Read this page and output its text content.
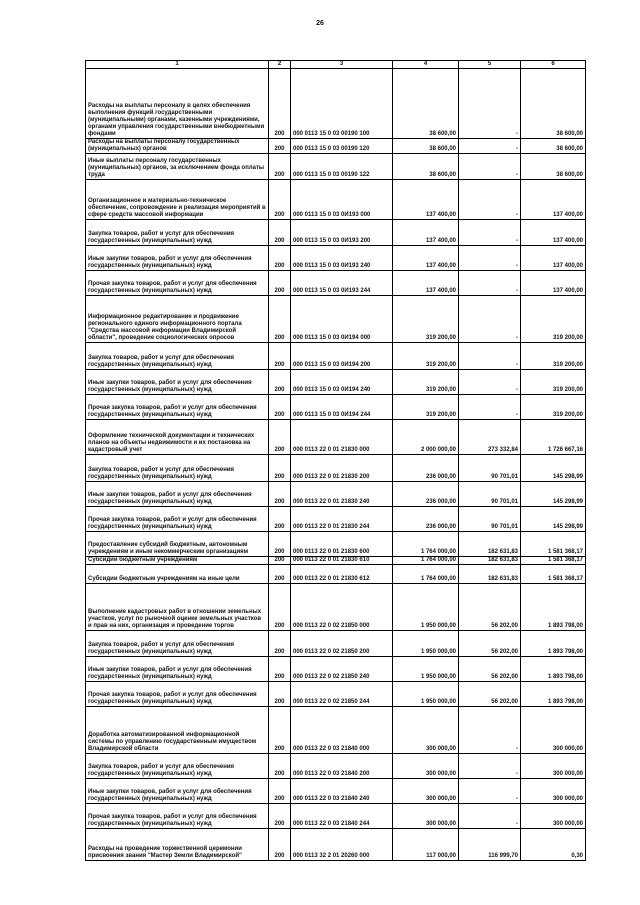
26
1	2	3	4	5	6

Расходы на выплаты персоналу в целях обеспечения выполнения функций государственными (муниципальными) органами, казенными учреждениями, органами управления государственными внебюджетными фондами	200	000 0113 15 0 03 00190 100	38 600,00	-	38 600,00

Расходы на выплаты персоналу государственных (муниципальных) органов	200	000 0113 15 0 03 00190 120	38 600,00	-	38 600,00

Иные выплаты персоналу государственных (муниципальных) органов, за исключением фонда оплаты труда	200	000 0113 15 0 03 00190 122	38 600,00	-	38 600,00

Организационное и материально-техническое обеспечение, сопровождение и реализация мероприятий в сфере средств массовой информации	200	000 0113 15 0 03 0И193 000	137 400,00	-	137 400,00

Закупка товаров, работ и услуг для обеспечения государственных (муниципальных) нужд	200	000 0113 15 0 03 0И193 200	137 400,00	-	137 400,00

Иные закупки товаров, работ и услуг для обеспечения государственных (муниципальных) нужд	200	000 0113 15 0 03 0И193 240	137 400,00	-	137 400,00

Прочая закупка товаров, работ и услуг для обеспечения государственных (муниципальных) нужд	200	000 0113 15 0 03 0И193 244	137 400,00	-	137 400,00

Информационное редактирование и продвижение регионального единого информационного портала "Средства массовой информации Владимирской области", проведение социологических опросов	200	000 0113 15 0 03 0И194 000	319 200,00	-	319 200,00

Закупка товаров, работ и услуг для обеспечения государственных (муниципальных) нужд	200	000 0113 15 0 03 0И194 200	319 200,00	-	319 200,00

Иные закупки товаров, работ и услуг для обеспечения государственных (муниципальных) нужд	200	000 0113 15 0 03 0И194 240	319 200,00	-	319 200,00

Прочая закупка товаров, работ и услуг для обеспечения государственных (муниципальных) нужд	200	000 0113 15 0 03 0И194 244	319 200,00	-	319 200,00

Оформление технической документации и технических планов на объекты недвижимости и их постановка на кадастровый учет	200	000 0113 22 0 01 21830 000	2 000 000,00	273 332,84	1 726 667,16

Закупка товаров, работ и услуг для обеспечения государственных (муниципальных) нужд	200	000 0113 22 0 01 21830 200	236 000,00	90 701,01	145 298,99

Иные закупки товаров, работ и услуг для обеспечения государственных (муниципальных) нужд	200	000 0113 22 0 01 21830 240	236 000,00	90 701,01	145 298,99

Прочая закупка товаров, работ и услуг для обеспечения государственных (муниципальных) нужд	200	000 0113 22 0 01 21830 244	236 000,00	90 701,01	145 298,99

Предоставление субсидий бюджетным, автономным учреждениям и иным некоммерческим организациям	200	000 0113 22 0 01 21830 600	1 764 000,00	182 631,83	1 581 368,17

Субсидии бюджетным учреждениям	200	000 0113 22 0 01 21830 610	1 764 000,00	182 631,83	1 581 368,17

Субсидии бюджетным учреждениям на иные цели	200	000 0113 22 0 01 21830 612	1 764 000,00	182 631,83	1 581 368,17

Выполнение кадастровых работ в отношении земельных участков, услуг по рыночной оценке земельных участков и прав на них, организация и проведение торгов	200	000 0113 22 0 02 21850 000	1 950 000,00	56 202,00	1 893 798,00

Закупка товаров, работ и услуг для обеспечения государственных (муниципальных) нужд	200	000 0113 22 0 02 21850 200	1 950 000,00	56 202,00	1 893 798,00

Иные закупки товаров, работ и услуг для обеспечения государственных (муниципальных) нужд	200	000 0113 22 0 02 21850 240	1 950 000,00	56 202,00	1 893 798,00

Прочая закупка товаров, работ и услуг для обеспечения государственных (муниципальных) нужд	200	000 0113 22 0 02 21850 244	1 950 000,00	56 202,00	1 893 798,00

Доработка автоматизированной информационной системы по управлению государственным имуществом Владимирской области	200	000 0113 22 0 03 21840 000	300 000,00	-	300 000,00

Закупка товаров, работ и услуг для обеспечения государственных (муниципальных) нужд	200	000 0113 22 0 03 21840 200	300 000,00	-	300 000,00

Иные закупки товаров, работ и услуг для обеспечения государственных (муниципальных) нужд	200	000 0113 22 0 03 21840 240	300 000,00	-	300 000,00

Прочая закупка товаров, работ и услуг для обеспечения государственных (муниципальных) нужд	200	000 0113 22 0 03 21840 244	300 000,00	-	300 000,00

Расходы на проведение торжественной церемонии присвоения звания "Мастер Земли Владимирской"	200	000 0113 32 2 01 20260 000	117 000,00	116 999,70	0,30
